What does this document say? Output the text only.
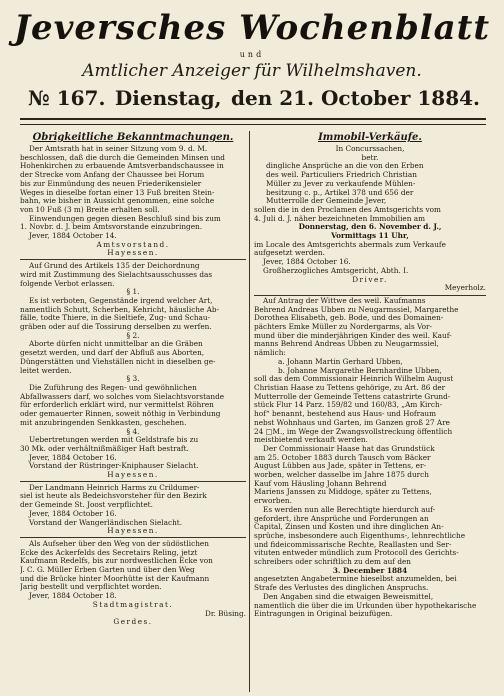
Jeversches Wochenblatt
und
Amtlicher Anzeiger für Wilhelmshaven.
№ 167. Dienstag, den 21. October 1884.
Obrigkeitliche Bekanntmachungen.

Der Amtsrath hat in seiner Sitzung vom 9. d. M.

beschlossen, daß die durch die Gemeinden Minsen und

Hohenkirchen zu erbauende Amtsverbandschaussee in

der Strecke vom Anfang der Chaussee bei Horum

bis zur Einmündung des neuen Friederikensieler

Weges in dieselbe fortan einer 13 Fuß breiten Stein-

bahn, wie bisher in Aussicht genommen, eine solche

von 10 Fuß (3 m) Breite erhalten soll.

Einwendungen gegen diesen Beschluß sind bis zum

1. Novbr. d. J. beim Amtsvorstande einzubringen.

Jever, 1884 October 14.

Amtsvorstand.

Hayessen.

Auf Grund des Artikels 135 der Deichordnung

wird mit Zustimmung des Sielachtsausschusses das

folgende Verbot erlassen.

§ 1.

Es ist verboten, Gegenstände irgend welcher Art,

namentlich Schutt, Scherben, Kehricht, häusliche Ab-

fälle, todte Thiere, in die Sieltiefe, Zug- und Schau-

gräben oder auf die Tossirung derselben zu werfen.

§ 2.

Aborte dürfen nicht unmittelbar an die Gräben

gesetzt werden, und darf der Abfluß aus Aborten,

Düngerstätten und Viehställen nicht in dieselben ge-

leitet werden.

§ 3.

Die Zuführung des Regen- und gewöhnlichen

Abfallwassers darf, wo solches vom Sielachtsvorstande

für erforderlich erklärt wird, nur vermittelst Röhren

oder gemauerter Rinnen, soweit nöthig in Verbindung

mit anzubringenden Senkkasten, geschehen.

§ 4.

Uebertretungen werden mit Geldstrafe bis zu

30 Mk. oder verhältnißmäßiger Haft bestraft.

Jever, 1884 October 16.

Vorstand der Rüstringer-Kniphauser Sielacht.

Hayessen.

Der Landmann Heinrich Harms zu Crildumer-

siel ist heute als Bedeichsvorsteher für den Bezirk

der Gemeinde St. Joost verpflichtet.

Jever, 1884 October 16.

Vorstand der Wangerländischen Sielacht.

Hayessen.

Als Aufseher über den Weg von der südöstlichen

Ecke des Ackerfelds des Secretairs Reling, jetzt

Kaufmann Redelfs, bis zur nordwestlichen Ecke von

J. C. G. Müller Erben Garten und über den Weg

und die Brücke hinter Moorhütte ist der Kaufmann

Jarig bestellt und verpflichtet worden.

Jever, 1884 October 18.

Stadtmagistrat.

Dr. Büsing.

Gerdes.

Immobil-Verkäufe.

In Concurssachen,

betr.

dingliche Ansprüche an die von den Erben

des weil. Particuliers Friedrich Christian

Müller zu Jever zu verkaufende Mühlen-

besitzung c. p., Artikel 378 und 656 der

Mutterrolle der Gemeinde Jever,

sollen die in den Proclamen des Amtsgerichts vom

4. Juli d. J. näher bezeichneten Immobilien am

Donnerstag, den 6. November d. J.,

Vormittags 11 Uhr,

im Locale des Amtsgerichts abermals zum Verkaufe

aufgesetzt werden.

Jever, 1884 October 16.

Großherzogliches Amtsgericht, Abth. I.

Driver.

Meyerholz.

Auf Antrag der Wittwe des weil. Kaufmanns

Behrend Andreas Ubben zu Neugarmssiel, Margarethe

Dorothea Elisabeth, geb. Bode, und des Domainen-

pächters Emke Müller zu Nordergarms, als Vor-

mund über die minderjährigen Kinder des weil. Kauf-

manns Behrend Andreas Ubben zu Neugarmssiel,

nämlich:

a. Johann Martin Gerhard Ubben,

b. Johanne Margarethe Bernhardine Ubben,

soll das dem Commissionair Heinrich Wilhelm August

Christian Haase zu Tettens gehörige, zu Art. 86 der

Mutterrolle der Gemeinde Tettens catastrirte Grund-

stück Flur 14 Parz. 159/82 und 160/83, „Am Kirch-

hof“ benannt, bestehend aus Haus- und Hofraum

nebst Wohnhaus und Garten, im Ganzen groß 27 Are

24 □M., im Wege der Zwangsvollstreckung öffentlich

meistbietend verkauft werden.

Der Commissionair Haase hat das Grundstück

am 25. October 1883 durch Tausch vom Bäcker

August Lübben aus Jade, später in Tettens, er-

worben, welcher dasselbe im Jahre 1875 durch

Kauf vom Häusling Johann Behrend

Mariens Janssen zu Middoge, später zu Tettens,

erworben.

Es werden nun alle Berechtigte hierdurch auf-

gefordert, ihre Ansprüche und Forderungen an

Capital, Zinsen und Kosten und ihre dinglichen An-

sprüche, insbesondere auch Eigenthums-, lehnrechtliche

und fideicommissarische Rechte, Reallasten und Ser-

vituten entweder mündlich zum Protocoll des Gerichts-

schreibers oder schriftlich zu dem auf den

3. December 1884

angesetzten Angabetermine hieselbst anzumelden, bei

Strafe des Verlustes des dinglichen Anspruchs.

Den Angaben sind die etwaigen Beweismittel,

namentlich die über die im Urkunden über hypothekarische

Eintragungen in Original beizufügen.
